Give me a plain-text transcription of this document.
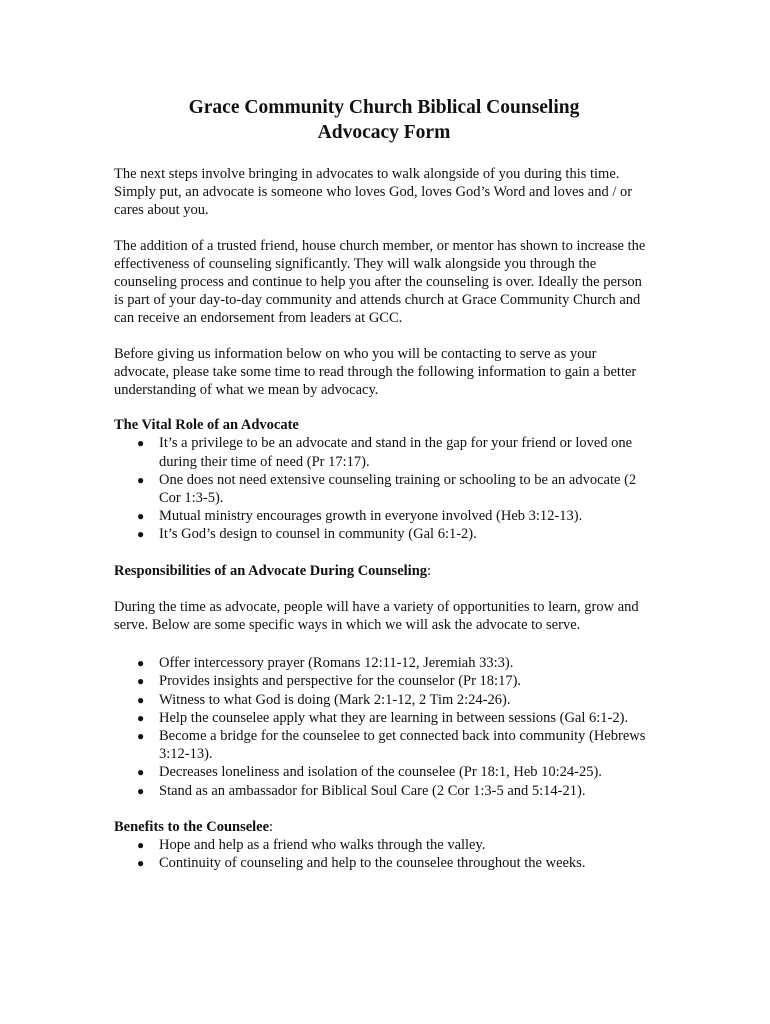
Grace Community Church Biblical Counseling
Advocacy Form

The next steps involve bringing in advocates to walk alongside of you during this time. Simply put, an advocate is someone who loves God, loves God’s Word and loves and / or cares about you.

The addition of a trusted friend, house church member, or mentor has shown to increase the effectiveness of counseling significantly. They will walk alongside you through the counseling process and continue to help you after the counseling is over. Ideally the person is part of your day-to-day community and attends church at Grace Community Church and can receive an endorsement from leaders at GCC.

Before giving us information below on who you will be contacting to serve as your advocate, please take some time to read through the following information to gain a better understanding of what we mean by advocacy.

The Vital Role of an Advocate

● It’s a privilege to be an advocate and stand in the gap for your friend or loved one during their time of need (Pr 17:17).
● One does not need extensive counseling training or schooling to be an advocate (2 Cor 1:3-5).
● Mutual ministry encourages growth in everyone involved (Heb 3:12-13).
● It’s God’s design to counsel in community (Gal 6:1-2).

Responsibilities of an Advocate During Counseling:

During the time as advocate, people will have a variety of opportunities to learn, grow and serve. Below are some specific ways in which we will ask the advocate to serve.

● Offer intercessory prayer (Romans 12:11-12, Jeremiah 33:3).
● Provides insights and perspective for the counselor (Pr 18:17).
● Witness to what God is doing (Mark 2:1-12, 2 Tim 2:24-26).
● Help the counselee apply what they are learning in between sessions (Gal 6:1-2).
● Become a bridge for the counselee to get connected back into community (Hebrews 3:12-13).
● Decreases loneliness and isolation of the counselee (Pr 18:1, Heb 10:24-25).
● Stand as an ambassador for Biblical Soul Care (2 Cor 1:3-5 and 5:14-21).

Benefits to the Counselee:

● Hope and help as a friend who walks through the valley.
● Continuity of counseling and help to the counselee throughout the weeks.
